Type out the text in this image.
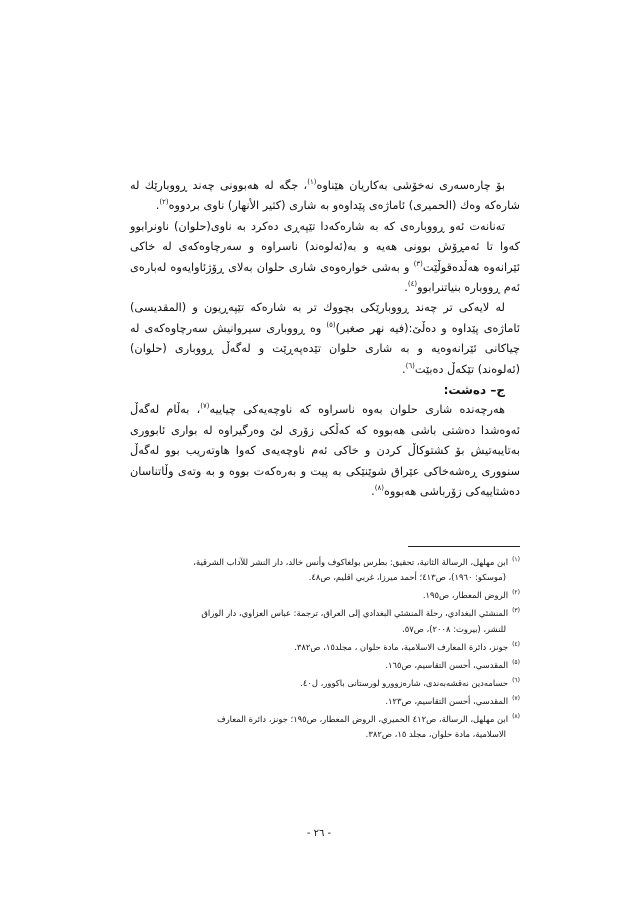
بۆ چارەسەری نەخۆشی بەکاریان هێناوە$^{(١)}$، جگە لە هەبوونی چەند ڕووبارێك لە شارەکە وەك (الحمیری) ئاماژەی پێداوەو بە شاری (کثیر الأنهار) ناوی بردووە$^{(٢)}$.

تەنانەت ئەو ڕووبارەی کە بە شارەکەدا تێپەڕی دەکرد بە ناوی(حلوان) ناونرابوو کەوا تا ئەمڕۆش بوونی هەیە و بە(ئەلوەند) ناسراوە و سەرچاوەکەی لە خاکی ئێرانەوە هەڵدەقوڵێت$^{(٣)}$ و بەشی خوارەوەی شاری حلوان بەلای ڕۆژئاوایەوە لەبارەی ئەم ڕووبارە بنیاتنرابوو$^{(٤)}$.

لە لایەکی تر چەند ڕووبارێکی بچووك تر بە شارەکە تێپەڕیون و (المقدیسی) ئاماژەی پێداوە و دەڵێ:(فیە نهر صغیر)$^{(٥)}$ وە ڕووباری سیروانیش سەرچاوەکەی لە چیاکانی ئێرانەوەیە و بە شاری حلوان تێدەپەڕێت و لەگەڵ ڕووباری (حلوان) (ئەلوەند) تێکەڵ دەبێت$^{(٦)}$.

ج– دەشت:

هەرچەندە شاری حلوان بەوە ناسراوە کە ناوچەیەکی چیاییە$^{(٧)}$، بەڵام لەگەڵ ئەوەشدا دەشتی باشی هەبووە کە کەڵکی زۆری لێ وەرگیراوە لە بواری ئابووری بەتایبەتیش بۆ کشتوکاڵ کردن و خاکی ئەم ناوچەیەی کەوا هاوتەریب بوو لەگەڵ سنووری ڕەشەخاکی عێراق شوێنێکی بە پیت و بەرەکەت بووە و بە وتەی وڵاتناسان دەشتاییەکی زۆرباشی هەبووە$^{(٨)}$.

$^{(١)}$ابن مهلهل، الرسالة الثانیة، تحقیق: بطرس بولغاکوف وأنس خالد، دار النشر للآداب الشرقیة،
(موسکو: ١٩٦٠)، ص٤١٣؛ أحمد میرزا، غربي اقلیم، ص٤٨.
$^{(٢)}$الروض المعطار، ص١٩٥.
$^{(٣)}$المنشئي البغدادي، رحلة المنشئي البغدادي إلی العراق، ترجمة: عباس العزاوي، دار الوراق
للنشر، (بیروت: ٢٠٠٨)، ص٥٧.
$^{(٤)}$جونز، دائرة المعارف الاسلامیة، مادة حلوان ، مجلد١٥، ص٣٨٢.
$^{(٥)}$المقدسي، أحسن التقاسیم، ص١٦٥.
$^{(٦)}$حسامەدین نەقشەبەندی، شارەزوورو لورستانی باکوور، ل٤٠.
$^{(٧)}$المقدسي، أحسن التقاسیم، ص١٢٣.
$^{(٨)}$ابن مهلهل، الرسالة، ص٤١٢ الحمیري، الروض المعطار، ص١٩٥؛ جونز، دائرة المعارف
الاسلامیة، مادة حلوان، مجلد ١٥، ص٣٨٢.
- ٢٦ -
